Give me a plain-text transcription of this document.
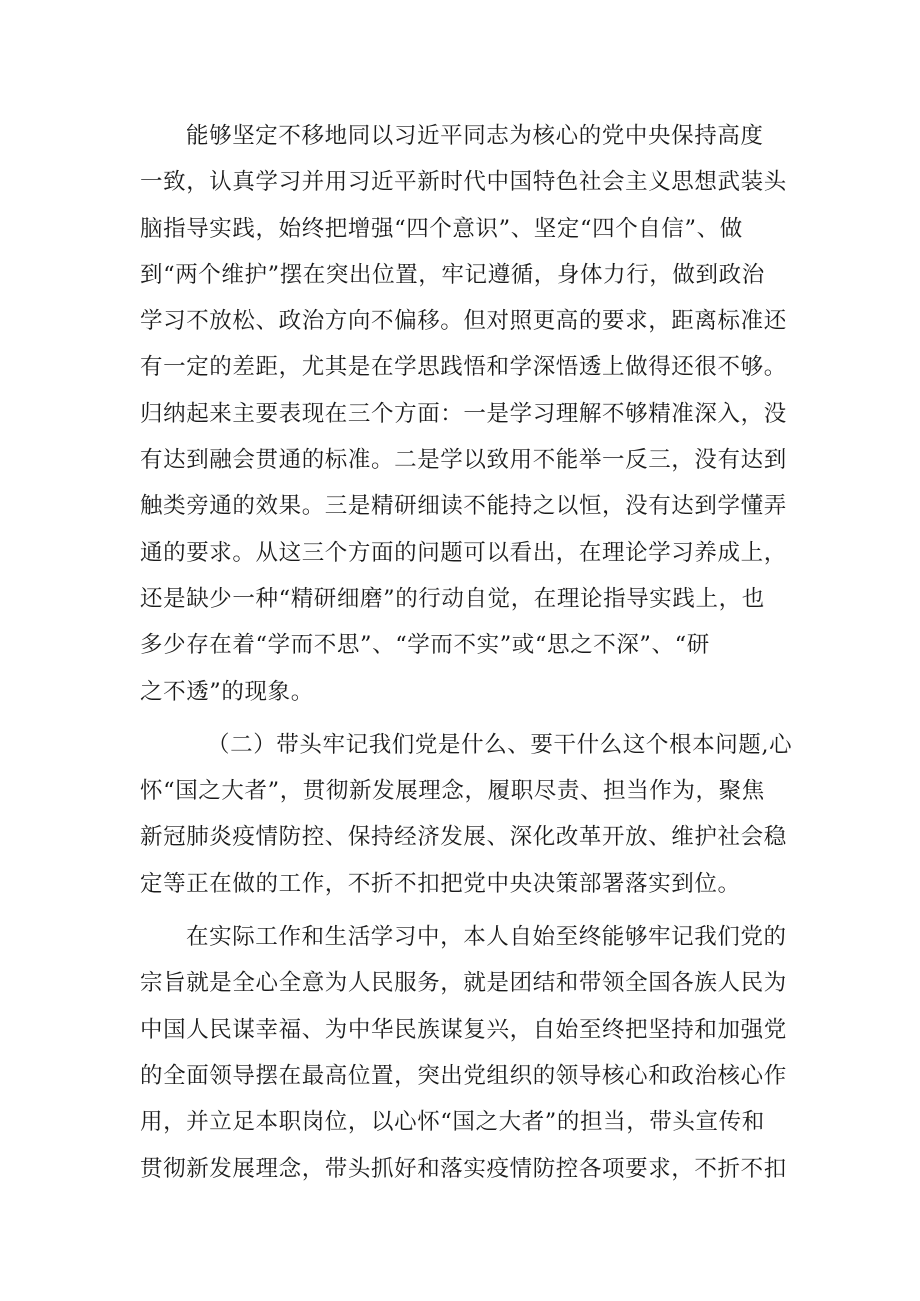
能够坚定不移地同以习近平同志为核心的党中央保持高度
一致，认真学习并用习近平新时代中国特色社会主义思想武装头
脑指导实践，始终把增强“四个意识”、坚定“四个自信”、做
到“两个维护”摆在突出位置，牢记遵循，身体力行，做到政治
学习不放松、政治方向不偏移。但对照更高的要求，距离标准还
有一定的差距，尤其是在学思践悟和学深悟透上做得还很不够。
归纳起来主要表现在三个方面：一是学习理解不够精准深入，没
有达到融会贯通的标准。二是学以致用不能举一反三，没有达到
触类旁通的效果。三是精研细读不能持之以恒，没有达到学懂弄
通的要求。从这三个方面的问题可以看出，在理论学习养成上，
还是缺少一种“精研细磨”的行动自觉，在理论指导实践上，也
多少存在着“学而不思”、“学而不实”或“思之不深”、“研
之不透”的现象。
（二）带头牢记我们党是什么、要干什么这个根本问题,心
怀“国之大者”，贯彻新发展理念，履职尽责、担当作为，聚焦
新冠肺炎疫情防控、保持经济发展、深化改革开放、维护社会稳
定等正在做的工作，不折不扣把党中央决策部署落实到位。
在实际工作和生活学习中，本人自始至终能够牢记我们党的
宗旨就是全心全意为人民服务，就是团结和带领全国各族人民为
中国人民谋幸福、为中华民族谋复兴，自始至终把坚持和加强党
的全面领导摆在最高位置，突出党组织的领导核心和政治核心作
用，并立足本职岗位，以心怀“国之大者”的担当，带头宣传和
贯彻新发展理念，带头抓好和落实疫情防控各项要求，不折不扣
